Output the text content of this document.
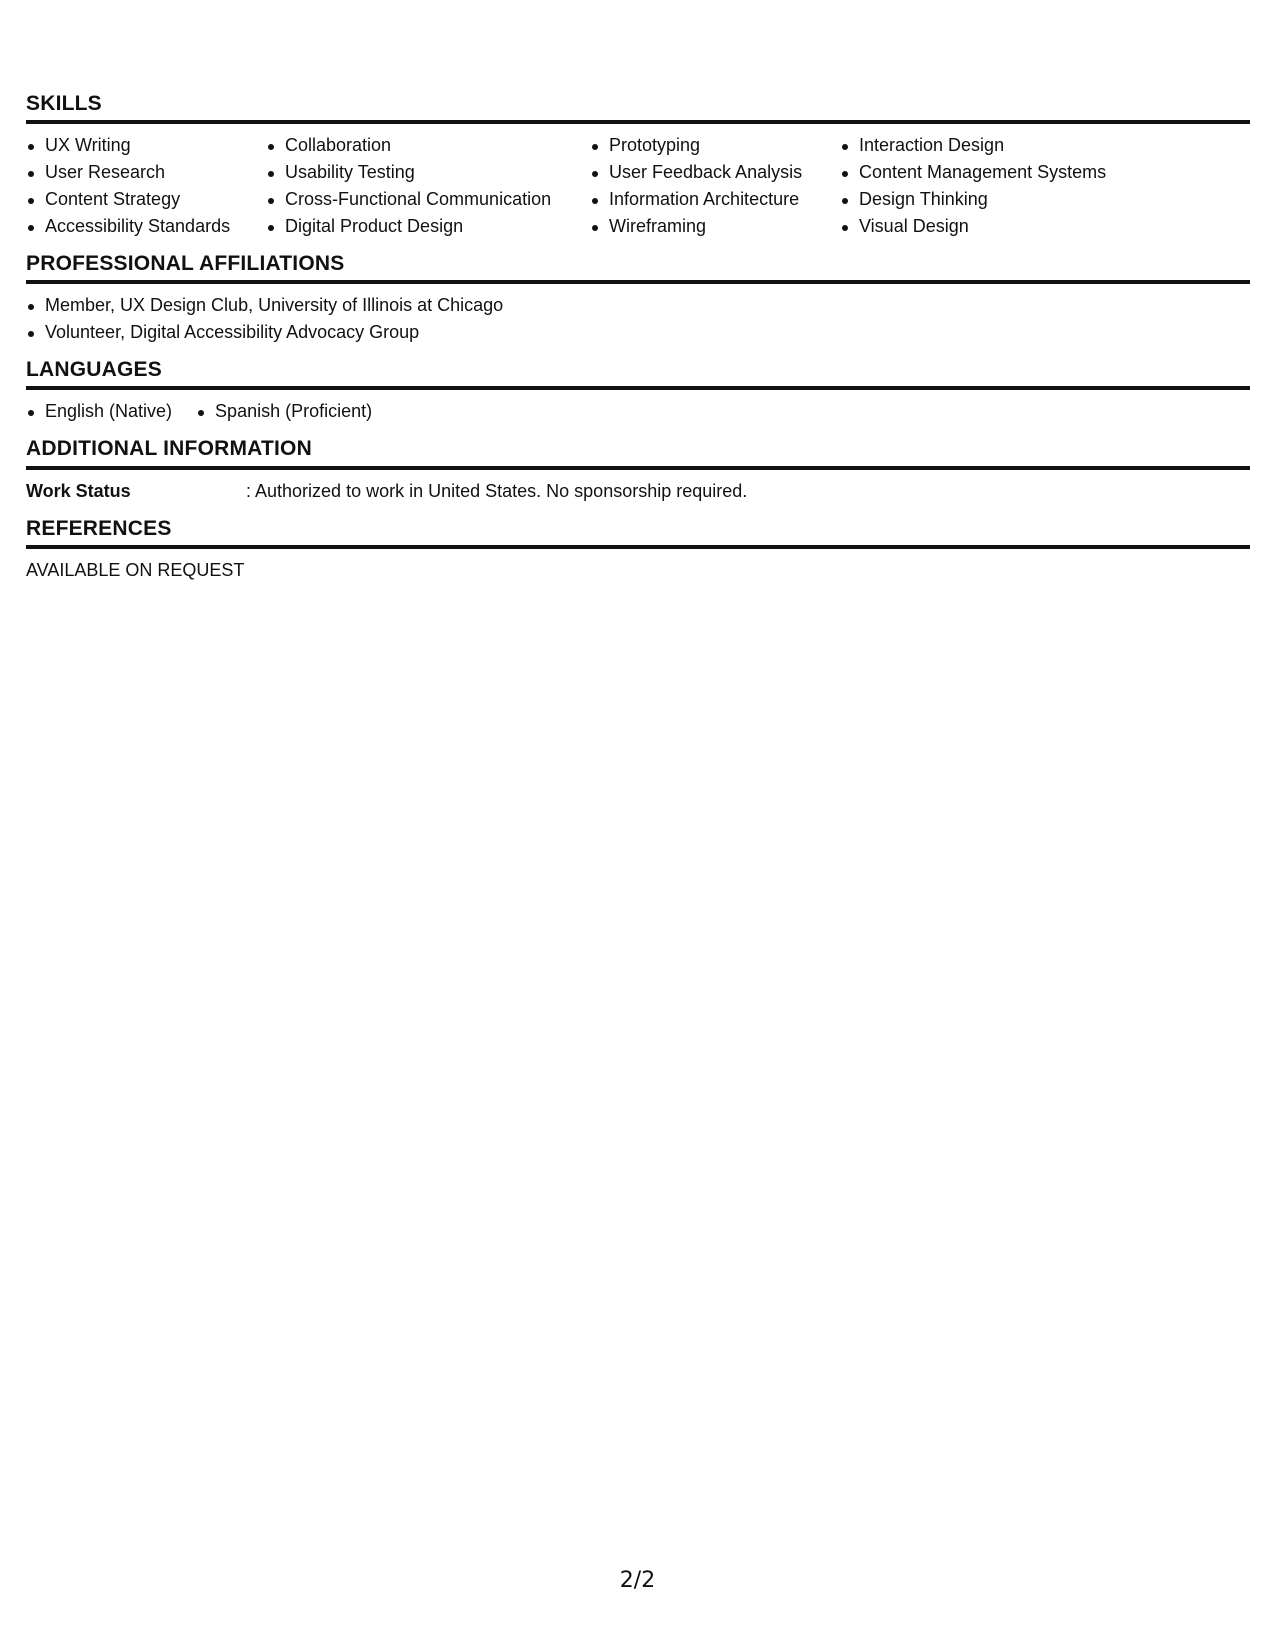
SKILLS
UX Writing
User Research
Content Strategy
Accessibility Standards
Collaboration
Usability Testing
Cross-Functional Communication
Digital Product Design
Prototyping
User Feedback Analysis
Information Architecture
Wireframing
Interaction Design
Content Management Systems
Design Thinking
Visual Design
PROFESSIONAL AFFILIATIONS
Member, UX Design Club, University of Illinois at Chicago
Volunteer, Digital Accessibility Advocacy Group
LANGUAGES
English (Native)	Spanish (Proficient)
ADDITIONAL INFORMATION
Work Status	: Authorized to work in United States. No sponsorship required.
REFERENCES
AVAILABLE ON REQUEST
2/2
